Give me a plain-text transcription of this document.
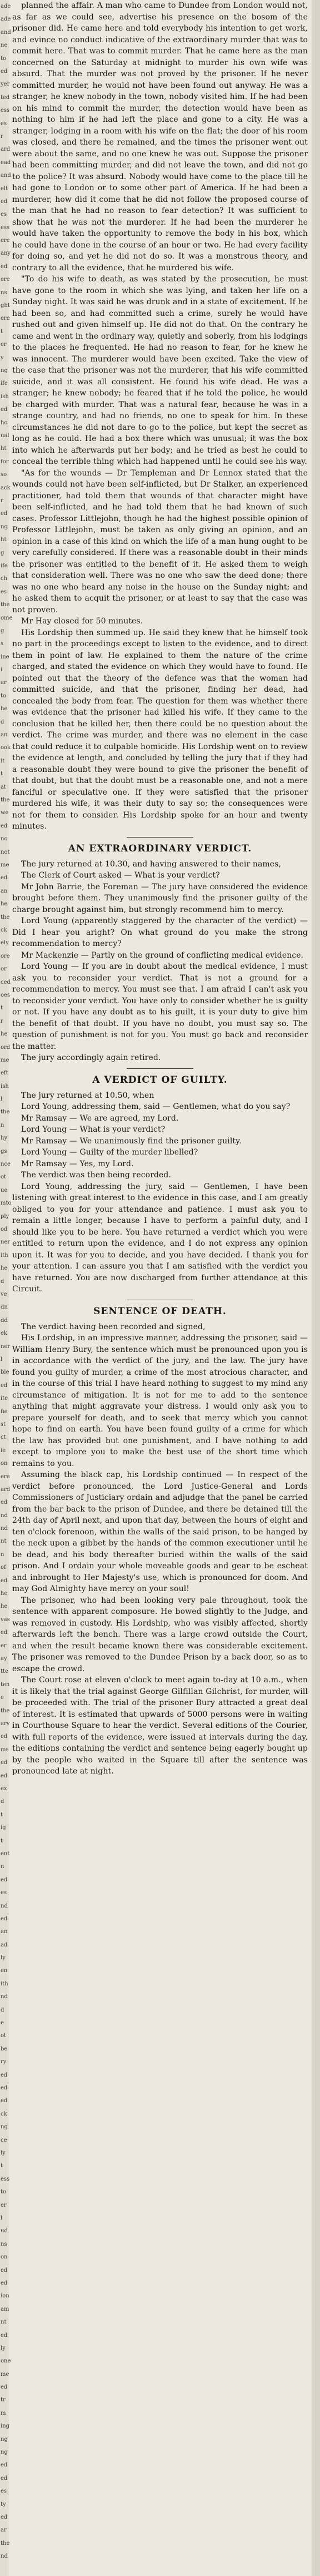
ade
ade
and
ne
to
ed
yer
ted
ess
es
r
ard
ead
and
elt
ed
es
ess
ere
any
ed
ere
ns
ght
ere
t
er
y
ng
ife
ish
ed
ho
ual
ht
for
so
ack
r
ed
ng
ht
g
ife
ch
es
the
ome
g
s
ine
i
ar
to
he
d
an
ook
it
t
at
the
we
ed
no
not
me
ed
an
he
the
ck
ely
ore
or
ced
oes
t
r
he
ord
me
eft
ish
l
the
n
hy
gs
nce
ot
ue
mto
ply
od
ner
ith
he
d
ve
dn
dd
ek
ner
l
ble
ed
ite
fie
st
ct
ie
on
ere
ard
ed
nd
nd
nt
n
of
ed
he
he
vas
ed
er
ay
tte
ten
e
the
ary
ed
ms
ed
ed
ex
d
t
ig
t
ent
n
ed
es
nd
ed
an
ad
ly
en
ith
nd
d
e
ot
be
ry
ed
ed
ed
ck
ng
ce
ly
t
ess
to
er
l
ud
ns
on
ed
ed
ion
am
nt
ed
ly
one
me
ed
tr
m
ing
ng
ng
ed
ed
es
ty
ed
ar
the
nd

planned the affair. A man who came to Dundee from London would not, as far as we could see, advertise his presence on the bosom of the prisoner did. He came here and told everybody his intention to get work, and evince no conduct indicative of the extraordinary murder that was to commit here. That was to commit murder. That he came here as the man concerned on the Saturday at midnight to murder his own wife was absurd. That the murder was not proved by the prisoner. If he never committed murder, he would not have been found out anyway. He was a stranger, he knew nobody in the town, nobody visited him. If he had been on his mind to commit the murder, the detection would have been as nothing to him if he had left the place and gone to a city. He was a stranger, lodging in a room with his wife on the flat; the door of his room was closed, and there he remained, and the times the prisoner went out were about the same, and no one knew he was out. Suppose the prisoner had been committing murder, and did not leave the town, and did not go to the police? It was absurd. Nobody would have come to the place till he had gone to London or to some other part of America. If he had been a murderer, how did it come that he did not follow the proposed course of the man that he had no reason to fear detection? It was sufficient to show that he was not the murderer. If he had been the murderer he would have taken the opportunity to remove the body in his box, which he could have done in the course of an hour or two. He had every facility for doing so, and yet he did not do so. It was a monstrous theory, and contrary to all the evidence, that he murdered his wife.

"To do his wife to death, as was stated by the prosecution, he must have gone to the room in which she was lying, and taken her life on a Sunday night. It was said he was drunk and in a state of excitement. If he had been so, and had committed such a crime, surely he would have rushed out and given himself up. He did not do that. On the contrary he came and went in the ordinary way, quietly and soberly, from his lodgings to the places he frequented. He had no reason to fear, for he knew he was innocent. The murderer would have been excited. Take the view of the case that the prisoner was not the murderer, that his wife committed suicide, and it was all consistent. He found his wife dead. He was a stranger; he knew nobody; he feared that if he told the police, he would be charged with murder. That was a natural fear, because he was in a strange country, and had no friends, no one to speak for him. In these circumstances he did not dare to go to the police, but kept the secret as long as he could. He had a box there which was unusual; it was the box into which he afterwards put her body; and he tried as best he could to conceal the terrible thing which had happened until he could see his way.

"As for the wounds — Dr Templeman and Dr Lennox stated that the wounds could not have been self-inflicted, but Dr Stalker, an experienced practitioner, had told them that wounds of that character might have been self-inflicted, and he had told them that he had known of such cases. Professor Littlejohn, though he had the highest possible opinion of Professor Littlejohn, must be taken as only giving an opinion, and an opinion in a case of this kind on which the life of a man hung ought to be very carefully considered. If there was a reasonable doubt in their minds the prisoner was entitled to the benefit of it. He asked them to weigh that consideration well. There was no one who saw the deed done; there was no one who heard any noise in the house on the Sunday night; and he asked them to acquit the prisoner, or at least to say that the case was not proven.

Mr Hay closed for 50 minutes.

His Lordship then summed up. He said they knew that he himself took no part in the proceedings except to listen to the evidence, and to direct them in point of law. He explained to them the nature of the crime charged, and stated the evidence on which they would have to found. He pointed out that the theory of the defence was that the woman had committed suicide, and that the prisoner, finding her dead, had concealed the body from fear. The question for them was whether there was evidence that the prisoner had killed his wife. If they came to the conclusion that he killed her, then there could be no question about the verdict. The crime was murder, and there was no element in the case that could reduce it to culpable homicide. His Lordship went on to review the evidence at length, and concluded by telling the jury that if they had a reasonable doubt they were bound to give the prisoner the benefit of that doubt, but that the doubt must be a reasonable one, and not a mere fanciful or speculative one. If they were satisfied that the prisoner murdered his wife, it was their duty to say so; the consequences were not for them to consider. His Lordship spoke for an hour and twenty minutes.

AN EXTRAORDINARY VERDICT.

The jury returned at 10.30, and having answered to their names,

The Clerk of Court asked — What is your verdict?

Mr John Barrie, the Foreman — The jury have considered the evidence brought before them. They unanimously find the prisoner guilty of the charge brought against him, but strongly recommend him to mercy.

Lord Young (apparently staggered by the character of the verdict) — Did I hear you aright? On what ground do you make the strong recommendation to mercy?

Mr Mackenzie — Partly on the ground of conflicting medical evidence.

Lord Young — If you are in doubt about the medical evidence, I must ask you to reconsider your verdict. That is not a ground for a recommendation to mercy. You must see that. I am afraid I can't ask you to reconsider your verdict. You have only to consider whether he is guilty or not. If you have any doubt as to his guilt, it is your duty to give him the benefit of that doubt. If you have no doubt, you must say so. The question of punishment is not for you. You must go back and reconsider the matter.

The jury accordingly again retired.

A VERDICT OF GUILTY.

The jury returned at 10.50, when

Lord Young, addressing them, said — Gentlemen, what do you say?

Mr Ramsay — We are agreed, my Lord.

Lord Young — What is your verdict?

Mr Ramsay — We unanimously find the prisoner guilty.

Lord Young — Guilty of the murder libelled?

Mr Ramsay — Yes, my Lord.

The verdict was then being recorded.

Lord Young, addressing the jury, said — Gentlemen, I have been listening with great interest to the evidence in this case, and I am greatly obliged to you for your attendance and patience. I must ask you to remain a little longer, because I have to perform a painful duty, and I should like you to be here. You have returned a verdict which you were entitled to return upon the evidence, and I do not express any opinion upon it. It was for you to decide, and you have decided. I thank you for your attention. I can assure you that I am satisfied with the verdict you have returned. You are now discharged from further attendance at this Circuit.

SENTENCE OF DEATH.

The verdict having been recorded and signed,

His Lordship, in an impressive manner, addressing the prisoner, said — William Henry Bury, the sentence which must be pronounced upon you is in accordance with the verdict of the jury, and the law. The jury have found you guilty of murder, a crime of the most atrocious character, and in the course of this trial I have heard nothing to suggest to my mind any circumstance of mitigation. It is not for me to add to the sentence anything that might aggravate your distress. I would only ask you to prepare yourself for death, and to seek that mercy which you cannot hope to find on earth. You have been found guilty of a crime for which the law has provided but one punishment, and I have nothing to add except to implore you to make the best use of the short time which remains to you.

Assuming the black cap, his Lordship continued — In respect of the verdict before pronounced, the Lord Justice-General and Lords Commissioners of Justiciary ordain and adjudge that the panel be carried from the bar back to the prison of Dundee, and there be detained till the 24th day of April next, and upon that day, between the hours of eight and ten o'clock forenoon, within the walls of the said prison, to be hanged by the neck upon a gibbet by the hands of the common executioner until he be dead, and his body thereafter buried within the walls of the said prison. And I ordain your whole moveable goods and gear to be escheat and inbrought to Her Majesty's use, which is pronounced for doom. And may God Almighty have mercy on your soul!

The prisoner, who had been looking very pale throughout, took the sentence with apparent composure. He bowed slightly to the Judge, and was removed in custody. His Lordship, who was visibly affected, shortly afterwards left the bench. There was a large crowd outside the Court, and when the result became known there was considerable excitement. The prisoner was removed to the Dundee Prison by a back door, so as to escape the crowd.

The Court rose at eleven o'clock to meet again to-day at 10 a.m., when it is likely that the trial against George Gilfillan Gilchrist, for murder, will be proceeded with. The trial of the prisoner Bury attracted a great deal of interest. It is estimated that upwards of 5000 persons were in waiting in Courthouse Square to hear the verdict. Several editions of the Courier, with full reports of the evidence, were issued at intervals during the day, the editions containing the verdict and sentence being eagerly bought up by the people who waited in the Square till after the sentence was pronounced late at night.
